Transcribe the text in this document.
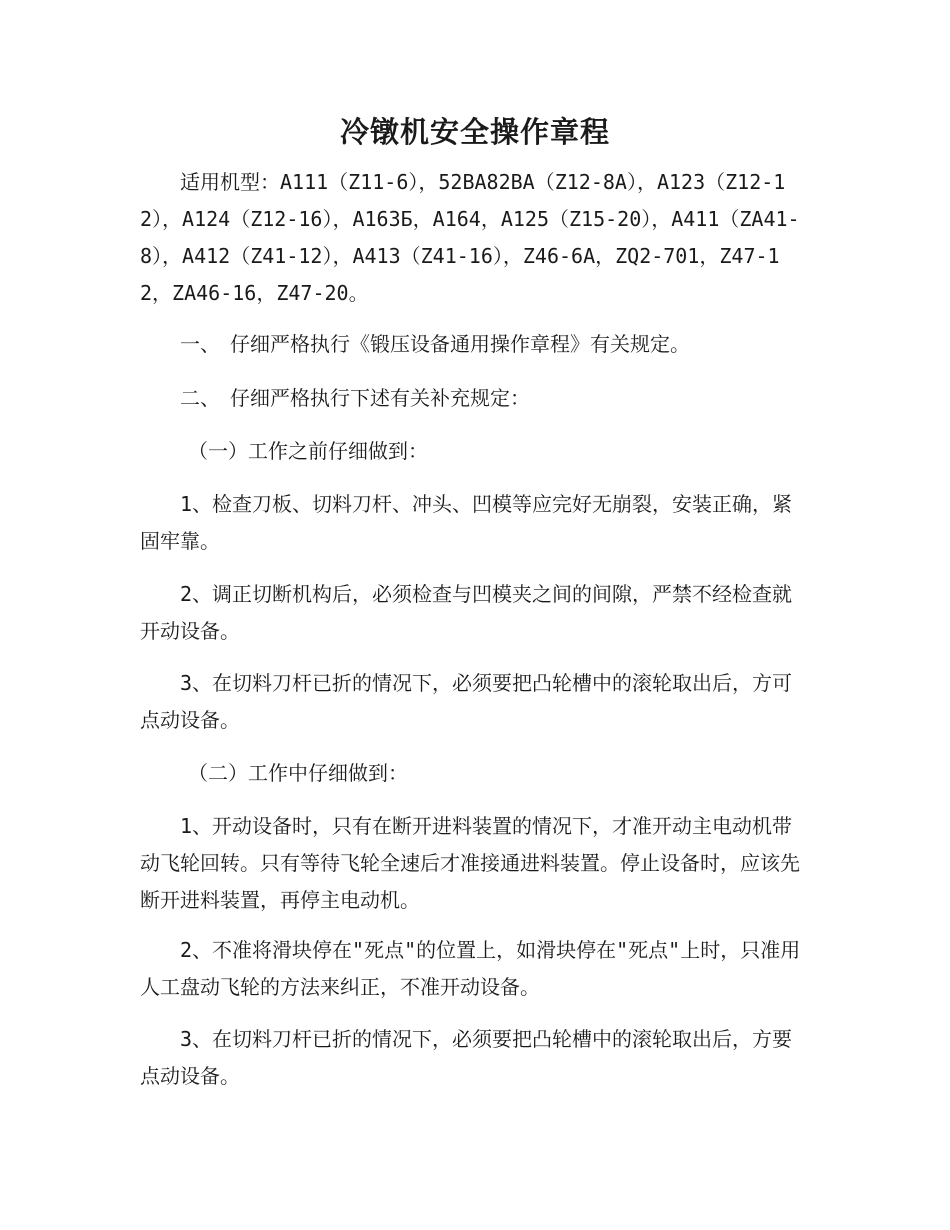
冷镦机安全操作章程

适用机型：A111（Z11-6），52BA82BA（Z12-8A），A123（Z12-12），A124（Z12-16），A163Б，A164，A125（Z15-20），A411（ZA41-8），A412（Z41-12），A413（Z41-16），Z46-6A，ZQ2-701，Z47-12，ZA46-16，Z47-20。

一、　仔细严格执行《锻压设备通用操作章程》有关规定。

二、　仔细严格执行下述有关补充规定：

（一）工作之前仔细做到：

1、检查刀板、切料刀杆、冲头、凹模等应完好无崩裂，安装正确，紧固牢靠。

2、调正切断机构后，必须检查与凹模夹之间的间隙，严禁不经检查就开动设备。

3、在切料刀杆已折的情况下，必须要把凸轮槽中的滚轮取出后，方可点动设备。

（二）工作中仔细做到：

1、开动设备时，只有在断开进料装置的情况下，才准开动主电动机带动飞轮回转。只有等待飞轮全速后才准接通进料装置。停止设备时，应该先断开进料装置，再停主电动机。

2、不准将滑块停在"死点"的位置上，如滑块停在"死点"上时，只准用人工盘动飞轮的方法来纠正，不准开动设备。

3、在切料刀杆已折的情况下，必须要把凸轮槽中的滚轮取出后，方要点动设备。
